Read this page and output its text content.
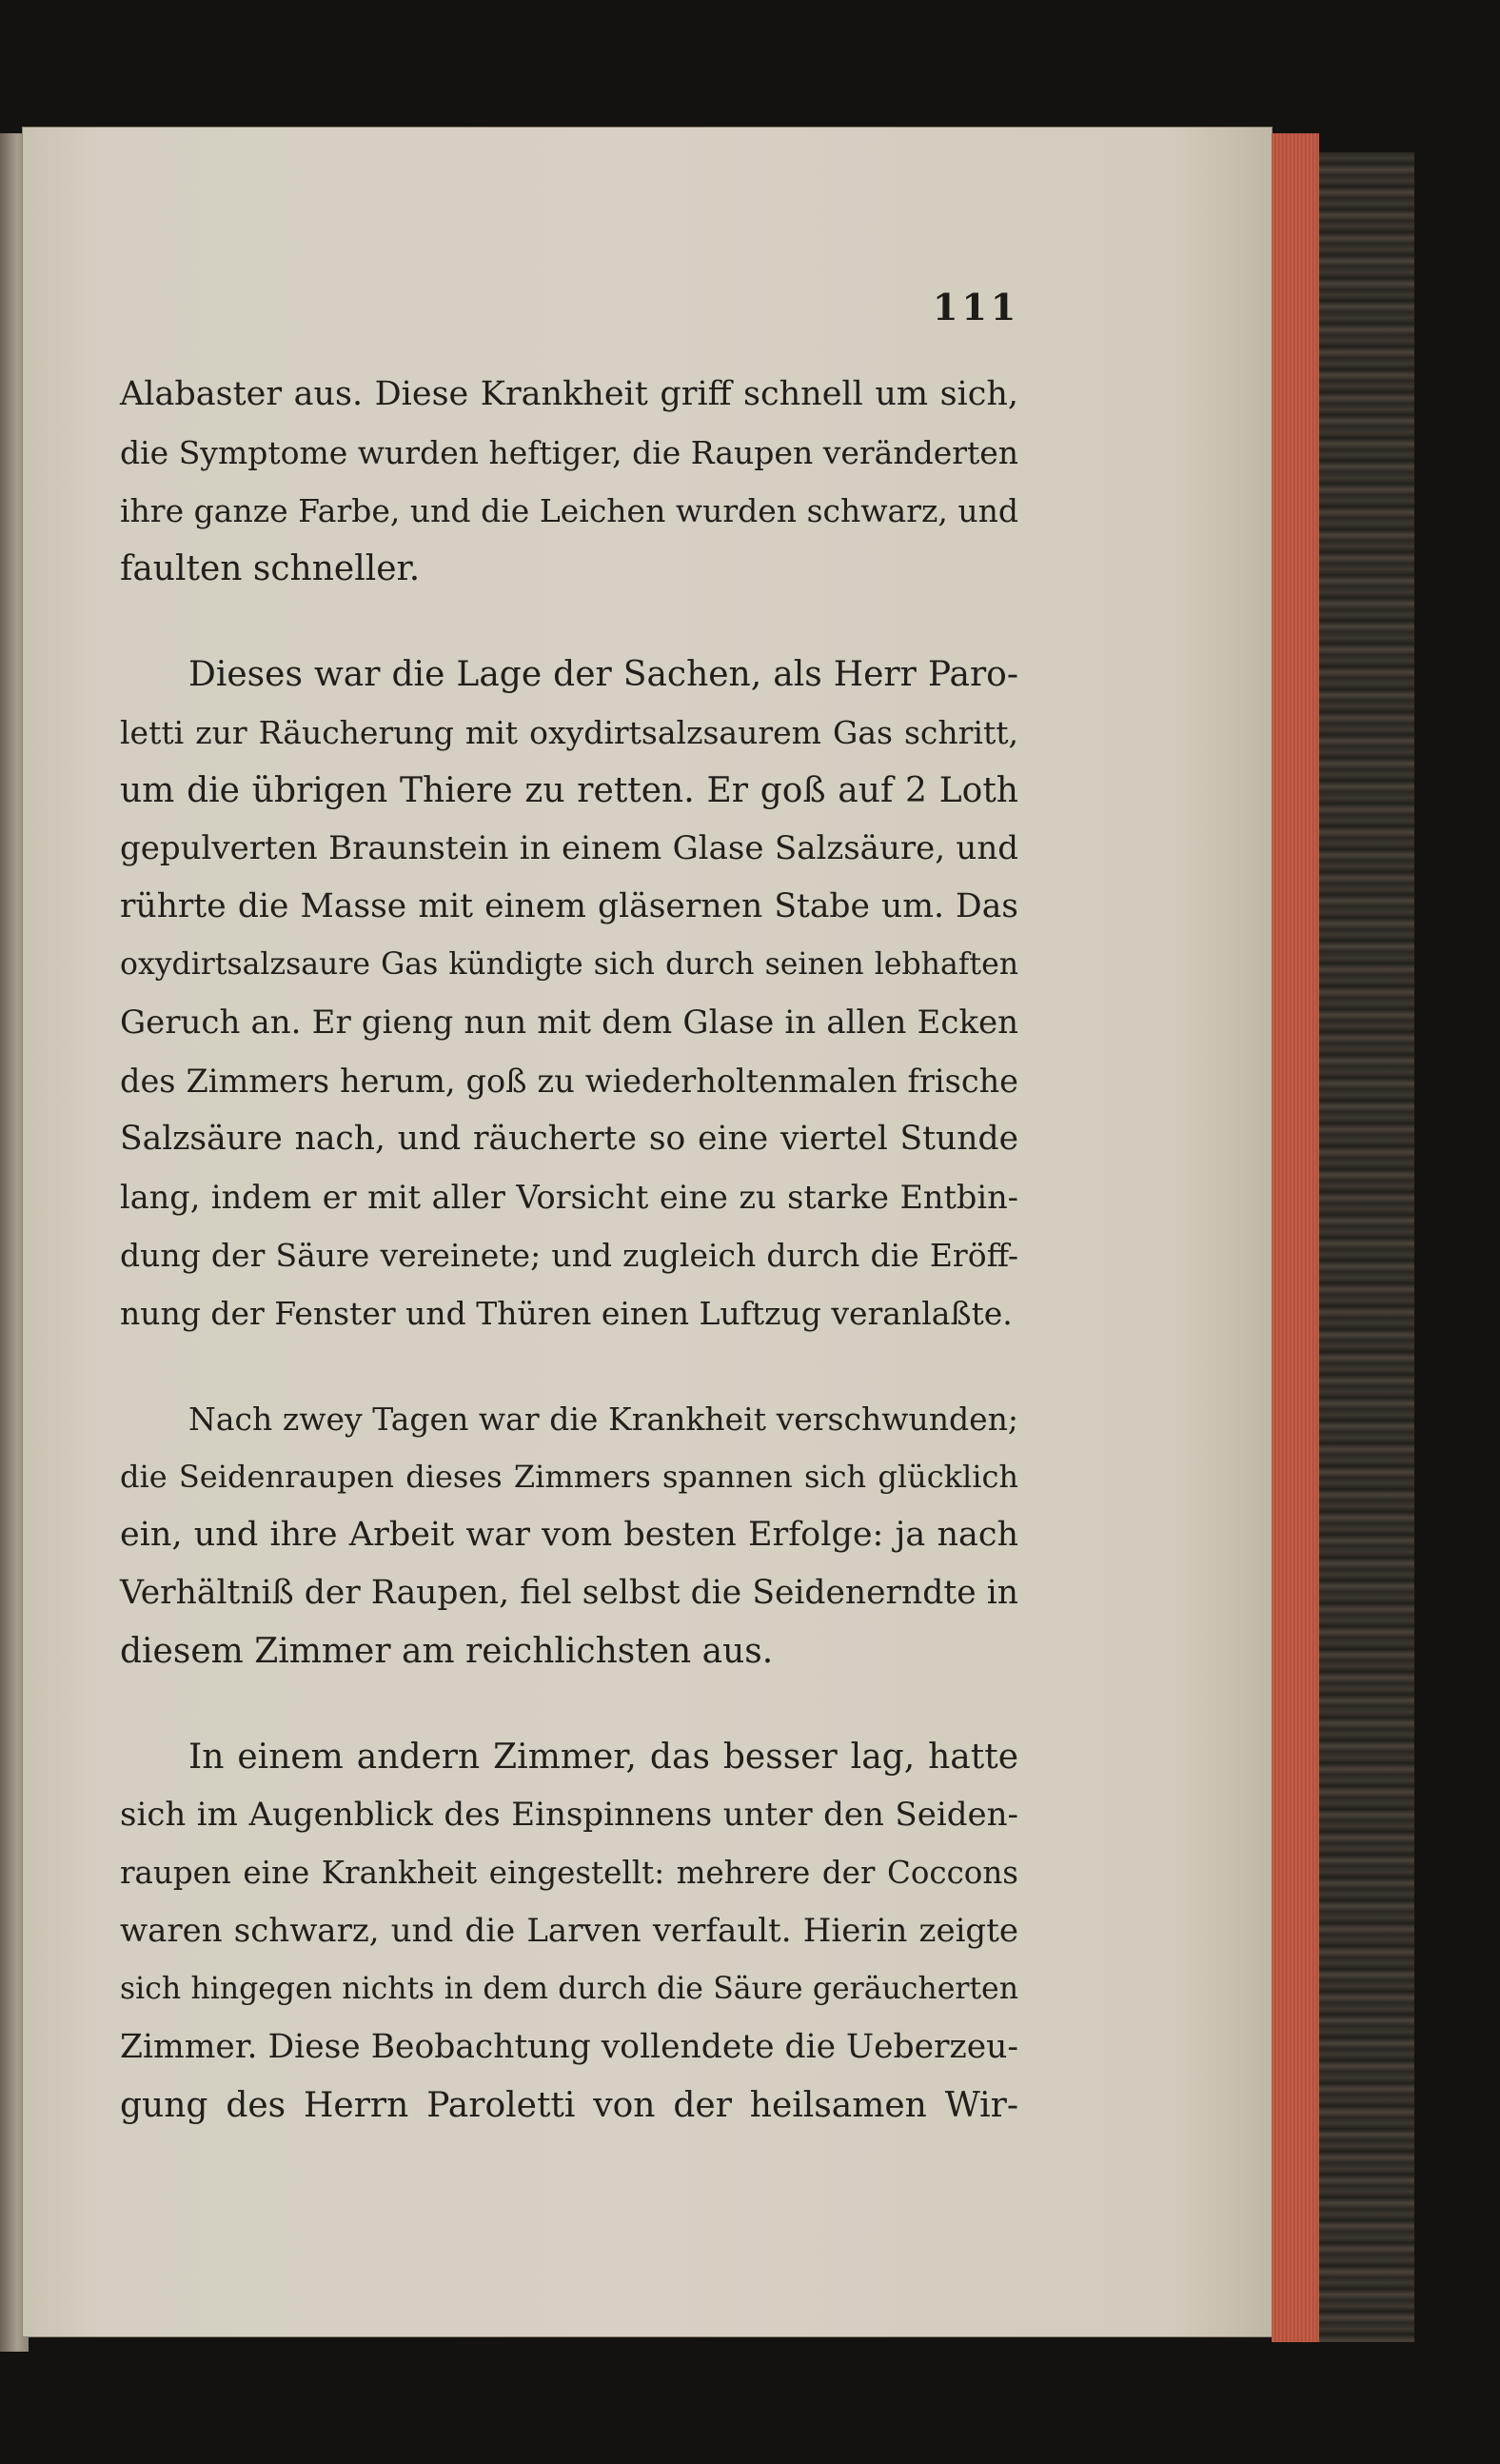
111
Alabaster aus. Diese Krankheit griff schnell um sich,
die Symptome wurden heftiger, die Raupen veränderten
ihre ganze Farbe, und die Leichen wurden schwarz, und
faulten schneller.
Dieses war die Lage der Sachen, als Herr Paro-
letti zur Räucherung mit oxydirtsalzsaurem Gas schritt,
um die übrigen Thiere zu retten. Er goß auf 2 Loth
gepulverten Braunstein in einem Glase Salzsäure, und
rührte die Masse mit einem gläsernen Stabe um. Das
oxydirtsalzsaure Gas kündigte sich durch seinen lebhaften
Geruch an. Er gieng nun mit dem Glase in allen Ecken
des Zimmers herum, goß zu wiederholtenmalen frische
Salzsäure nach, und räucherte so eine viertel Stunde
lang, indem er mit aller Vorsicht eine zu starke Entbin-
dung der Säure vereinete; und zugleich durch die Eröff-
nung der Fenster und Thüren einen Luftzug veranlaßte.
Nach zwey Tagen war die Krankheit verschwunden;
die Seidenraupen dieses Zimmers spannen sich glücklich
ein, und ihre Arbeit war vom besten Erfolge: ja nach
Verhältniß der Raupen, fiel selbst die Seidenerndte in
diesem Zimmer am reichlichsten aus.
In einem andern Zimmer, das besser lag, hatte
sich im Augenblick des Einspinnens unter den Seiden-
raupen eine Krankheit eingestellt: mehrere der Coccons
waren schwarz, und die Larven verfault. Hierin zeigte
sich hingegen nichts in dem durch die Säure geräucherten
Zimmer. Diese Beobachtung vollendete die Ueberzeu-
gung des Herrn Paroletti von der heilsamen Wir-
